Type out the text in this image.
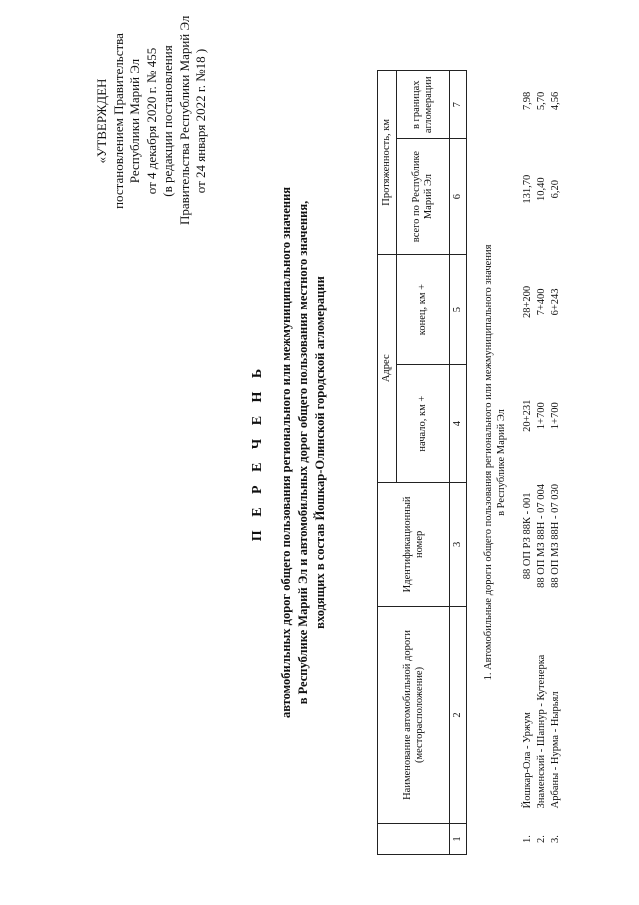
«УТВЕРЖДЕН постановлением Правительства Республики Марий Эл от 4 декабря 2020 г. № 455 (в редакции постановления Правительства Республики Марий Эл от 24 января 2022 г. №18 )
П Е Р Е Ч Е Н Ь автомобильных дорог общего пользования регионального или межмуниципального значения в Республике Марий Эл и автомобильных дорог общего пользования местного значения, входящих в состав Йошкар-Олинской городской агломерации
	Наименование автомобильной дороги (месторасположение)	Идентификационный номер	Адрес		Протяженность, км	
			начало, км +	конец, км +	всего по Республике Марий Эл	в границах агломерации
1	2	3	4	5	6	7
1. Автомобильные дороги общего пользования регионального или межмуниципального значения в Республике Марий Эл
1.	Йошкар-Ола - Уржум	88 ОП РЗ 88К - 001	20+231	28+200	131,70	7,98
2.	Знаменский - Шапнур - Кутенерка	88 ОП МЗ 88Н - 07 004	1+700	7+400	10,40	5,70
3.	Арбаны - Нурма - Нырьял	88 ОП МЗ 88Н - 07 030	1+700	6+243	6,20	4,56
